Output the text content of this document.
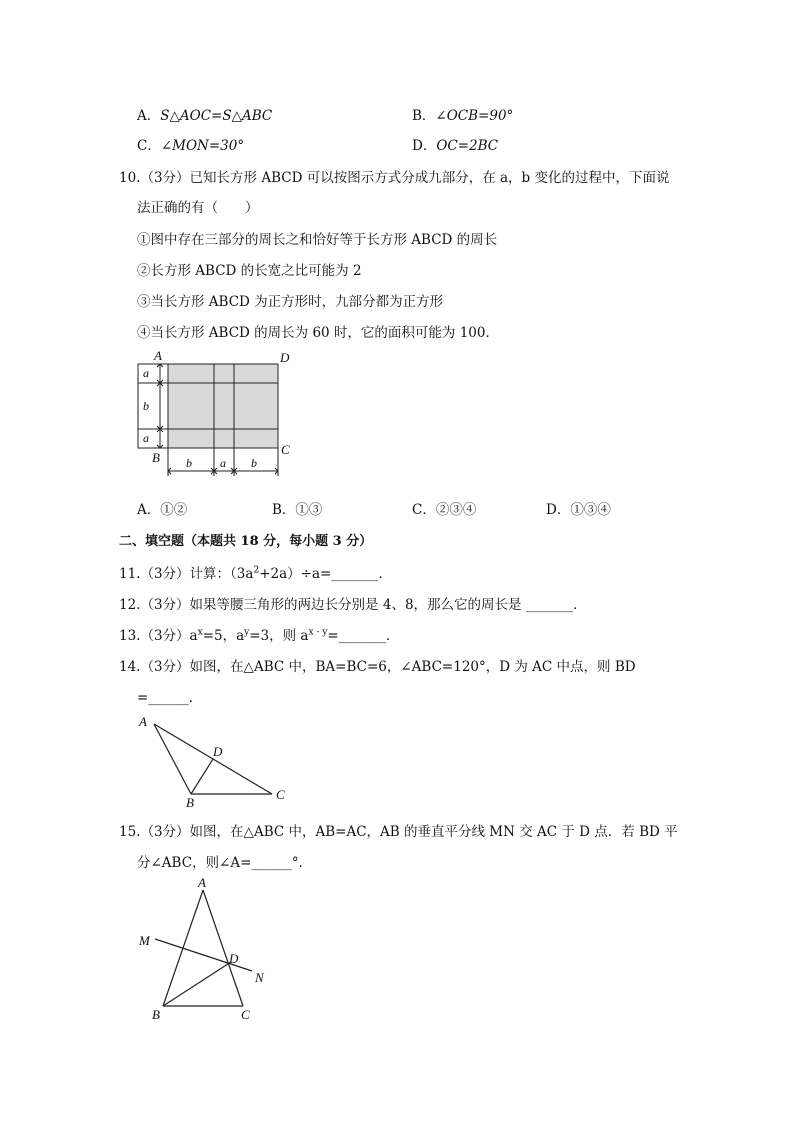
A．S△AOC=S△ABC	B．∠OCB=90°
C．∠MON=30°	D．OC=2BC
10.（3分）已知长方形 ABCD 可以按图示方式分成九部分，在 a，b 变化的过程中，下面说
法正确的有（　　）
①图中存在三部分的周长之和恰好等于长方形 ABCD 的周长
②长方形 ABCD 的长宽之比可能为 2
③当长方形 ABCD 为正方形时，九部分都为正方形
④当长方形 ABCD 的周长为 60 时，它的面积可能为 100．
A	D
B
C
a
b
a
b a b
A．①②	B．①③	C．②③④	D．①③④
二、填空题（本题共 18 分，每小题 3 分）
11.（3分）计算：$(3a^2+2a)\div a=\_\_\_\_\_\_\_$．
12.（3分）如果等腰三角形的两边长分别是 4、8，那么它的周长是 _______．
13.（3分）$a^x=5$，$a^y=3$，则 $a^{x - y}=\_\_\_\_\_\_\_$．
14.（3分）如图，在△ABC 中，BA=BC=6，∠ABC=120°，D 为 AC 中点，则 BD
=______．
A
B
C
D
15.（3分）如图，在△ABC 中，AB=AC，AB 的垂直平分线 MN 交 AC 于 D 点．若 BD 平
分∠ABC，则∠A=______°．
A
M
D
N
B	C
